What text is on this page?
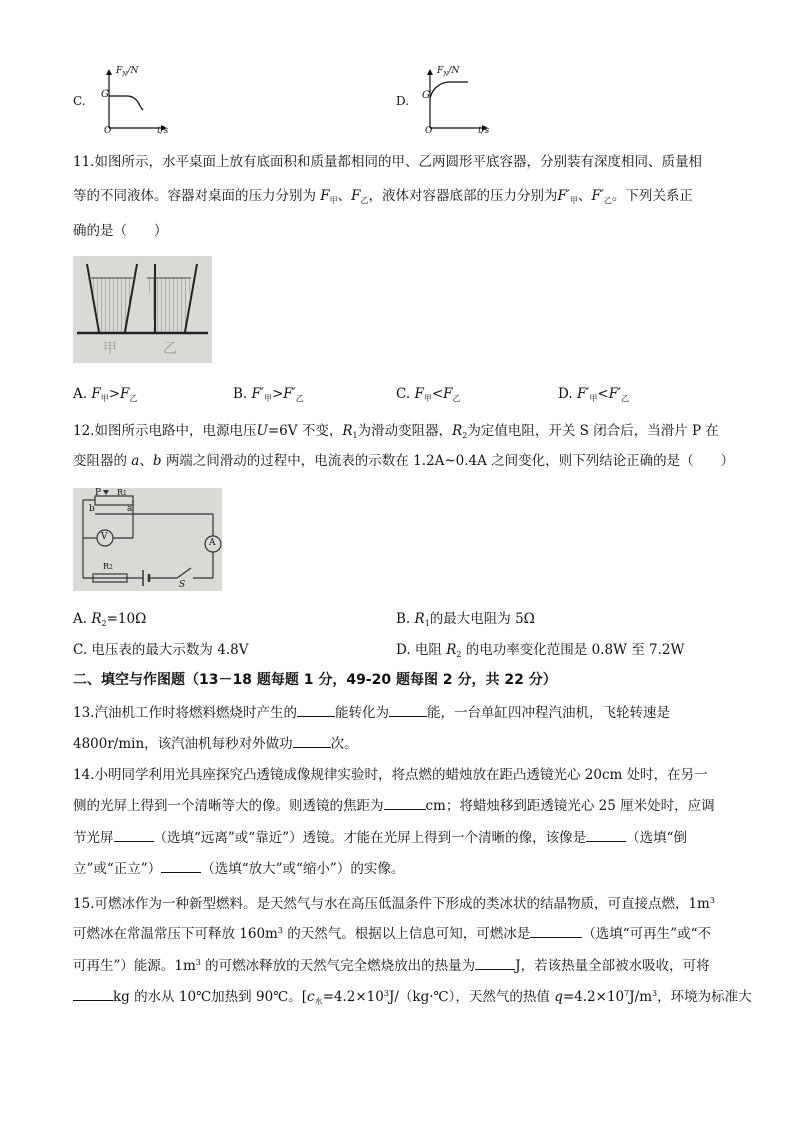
C.
$F_N/N$
G
O	t/s
D.
$F_N/N$
G
O	t/s
11.如图所示，水平桌面上放有底面积和质量都相同的甲、乙两圆形平底容器，分别装有深度相同、质量相
等的不同液体。容器对桌面的压力分别为 $F_甲$、$F_乙$，液体对容器底部的压力分别为$F'_甲$、$F'_乙$。下列关系正
确的是（　　）
甲	乙
A. $F_甲>F_乙$	B. $F'_甲>F'_乙$	C. $F_甲<F_乙$	D. $F'_甲<F'_乙$
12.如图所示电路中，电源电压U=6V 不变，$R_1$为滑动变阻器，$R_2$为定值电阻，开关 S 闭合后，当滑片 P 在
变阻器的 a、b 两端之间滑动的过程中，电流表的示数在 1.2A~0.4A 之间变化，则下列结论正确的是（　　）
P R1
b	a
V
A
R2
S
A. $R_2=10\Omega$	B. $R_1$的最大电阻为 5Ω
C. 电压表的最大示数为 4.8V	D. 电阻 $R_2$ 的电功率变化范围是 0.8W 至 7.2W
二、填空与作图题（13－18 题每题 1 分，49-20 题每图 2 分，共 22 分）
13.汽油机工作时将燃料燃烧时产生的	能转化为	能，一台单缸四冲程汽油机，飞轮转速是
4800r/min，该汽油机每秒对外做功	次。
14.小明同学利用光具座探究凸透镜成像规律实验时，将点燃的蜡烛放在距凸透镜光心 20cm 处时，在另一
侧的光屏上得到一个清晰等大的像。则透镜的焦距为	cm；将蜡烛移到距透镜光心 25 厘米处时，应调
节光屏	（选填“远离”或“靠近”）透镜。才能在光屏上得到一个清晰的像，该像是	（选填“倒
立”或“正立”）	（选填“放大”或“缩小”）的实像。
15.可燃冰作为一种新型燃料。是天然气与水在高压低温条件下形成的类冰状的结晶物质，可直接点燃，$1m^3$
可燃冰在常温常压下可释放 $160m^3$ 的天然气。根据以上信息可知，可燃冰是	（选填“可再生”或“不
可再生”）能源。$1m^3$ 的可燃冰释放的天然气完全燃烧放出的热量为	J，若该热量全部被水吸收，可将
kg 的水从 10℃加热到 90℃。[$c_水=4.2\times 10^3J/(kg\cdot℃)$，天然气的热值 $q=4.2\times 10^7J/m^3$，环境为标准大
